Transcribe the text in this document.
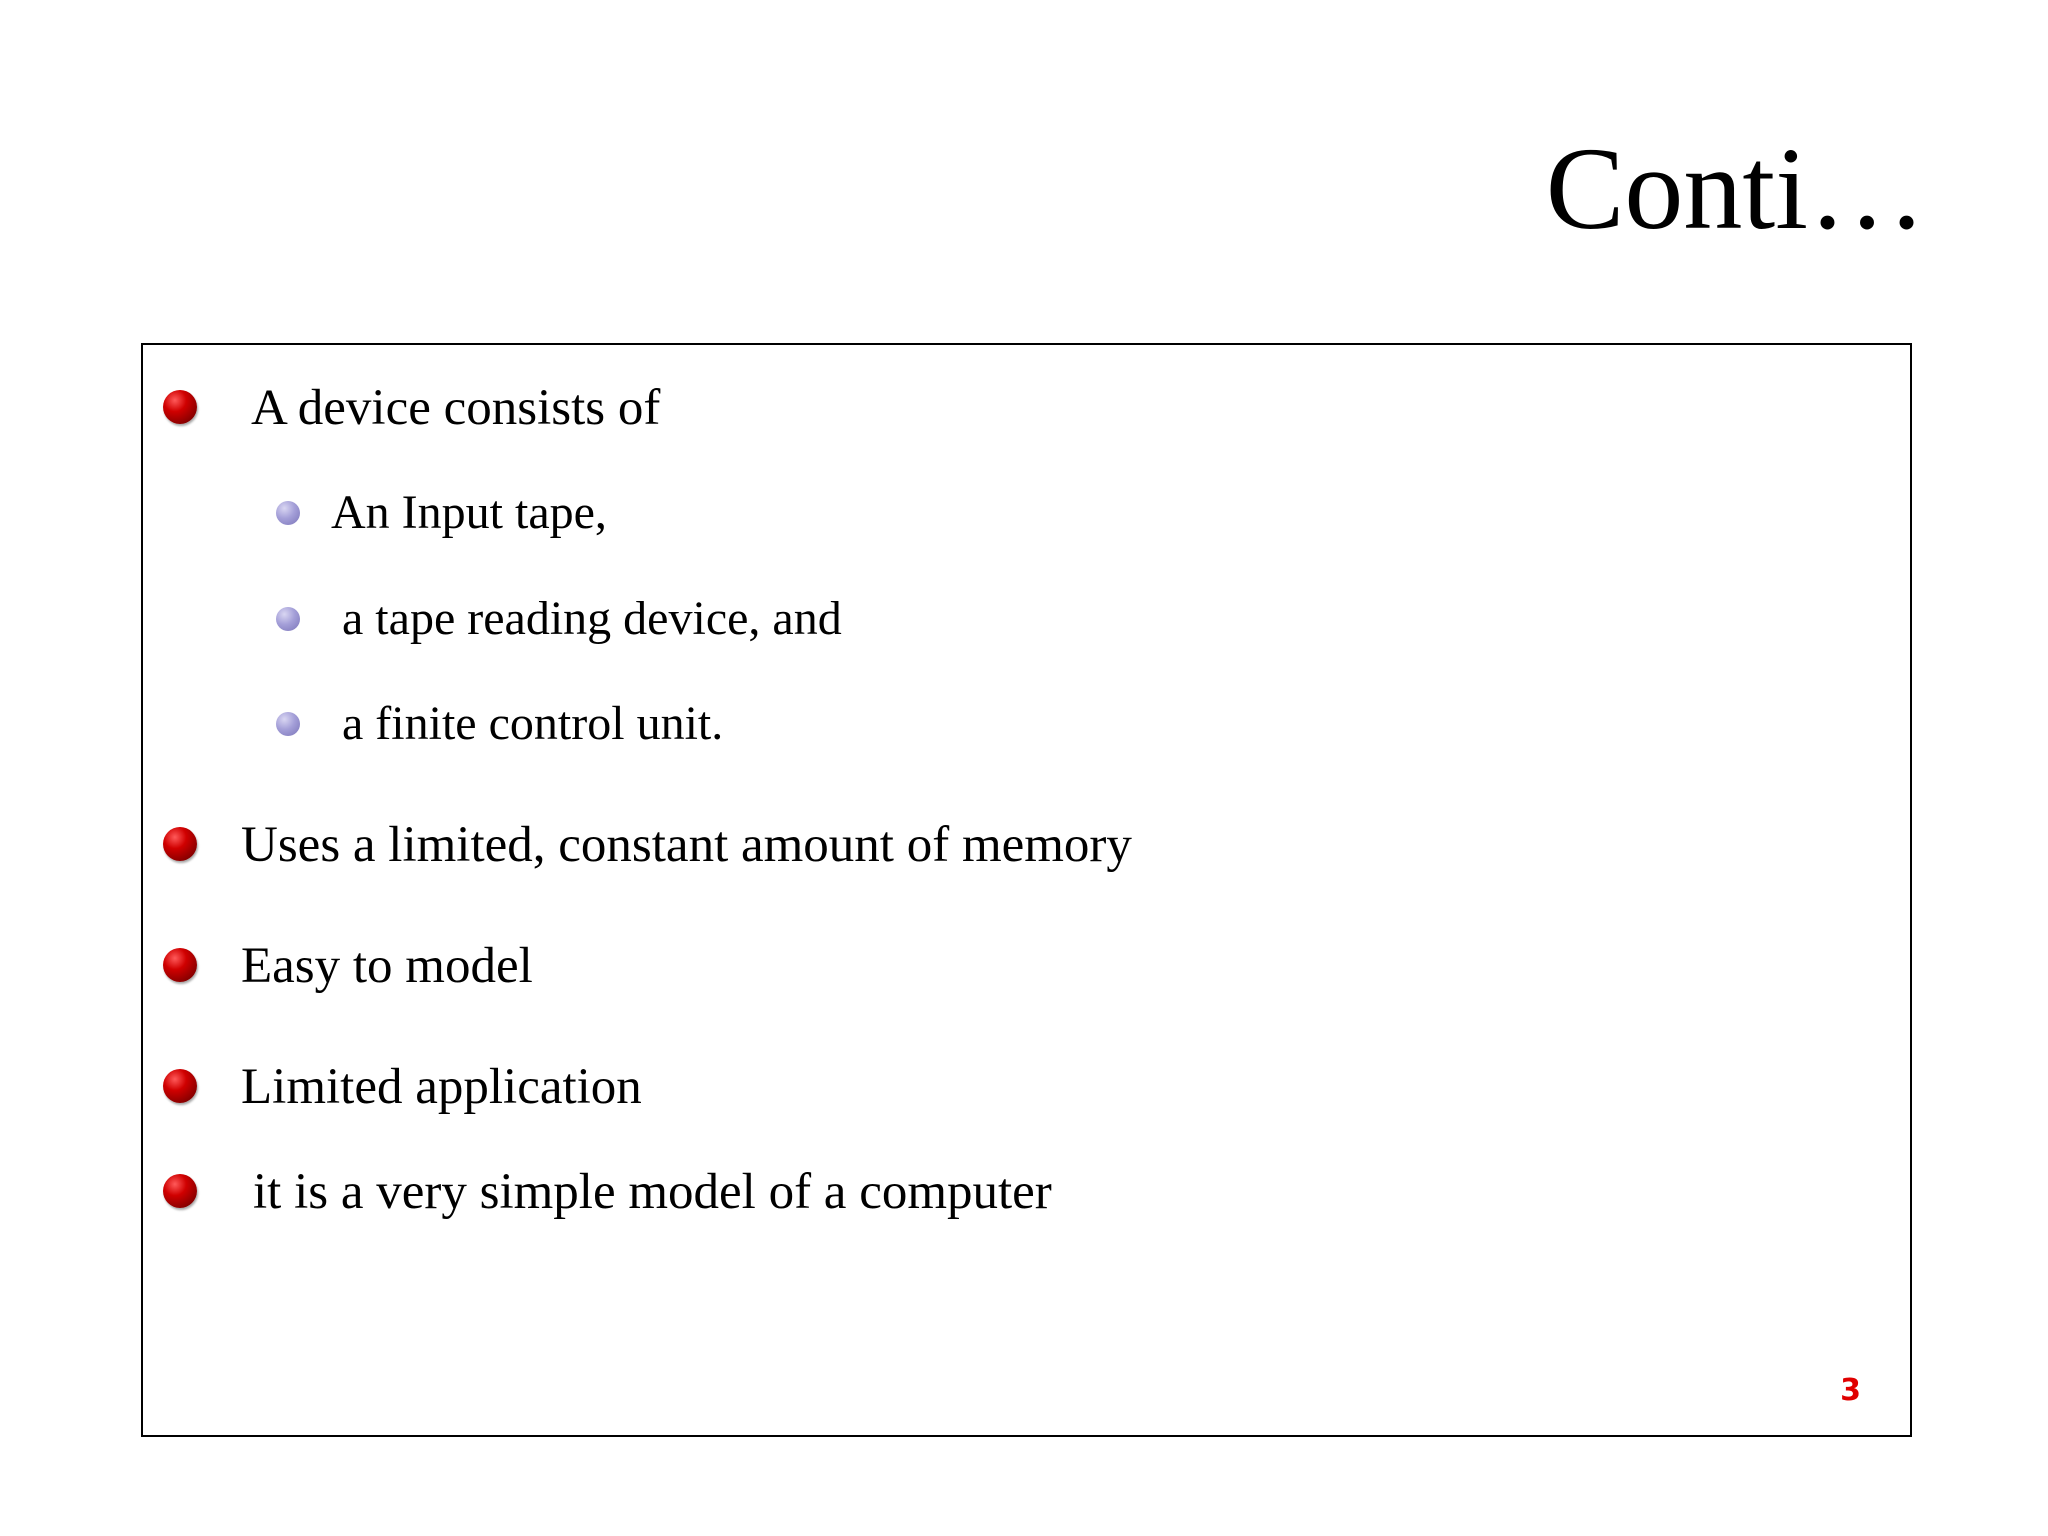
Conti…
A device consists of
An Input tape,
a tape reading device, and
a finite control unit.
Uses a limited, constant amount of memory
Easy to model
Limited application
it is a very simple model of a computer
3
